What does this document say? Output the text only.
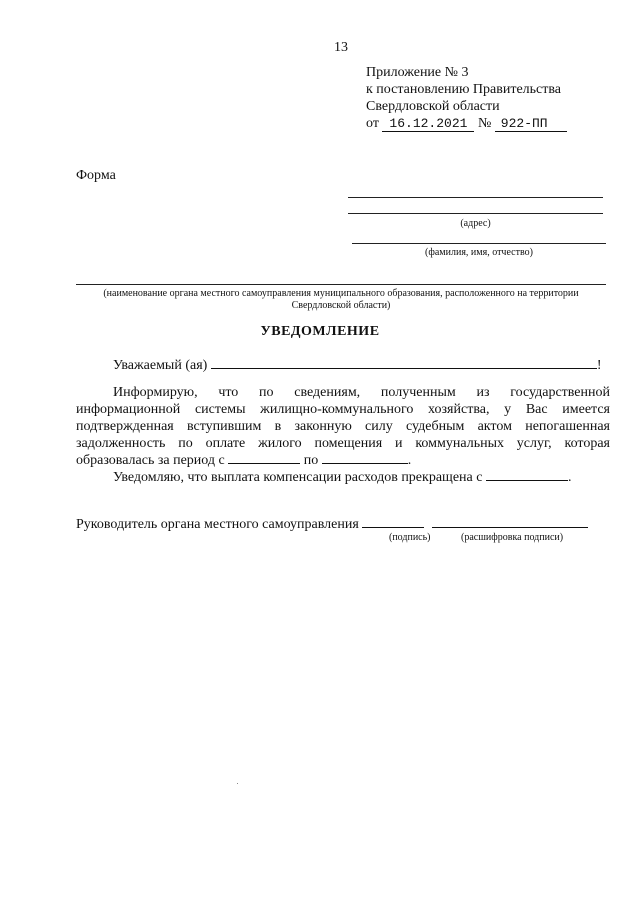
13
Приложение № 3
к постановлению Правительства
Свердловской области
от 16.12.2021 № 922-ПП
Форма
(адрес)
(фамилия, имя, отчество)
(наименование органа местного самоуправления муниципального образования, расположенного на территории Свердловской области)
УВЕДОМЛЕНИЕ
Уважаемый (ая)	!

Информирую, что по сведениям, полученным из государственной информационной системы жилищно-коммунального хозяйства, у Вас имеется подтвержденная вступившим в законную силу судебным актом непогашенная задолженность по оплате жилого помещения и коммунальных услуг, которая образовалась за период с	по	.

Уведомляю, что выплата компенсации расходов прекращена с	.

Руководитель органа местного самоуправления
(подпись)	(расшифровка подписи)
